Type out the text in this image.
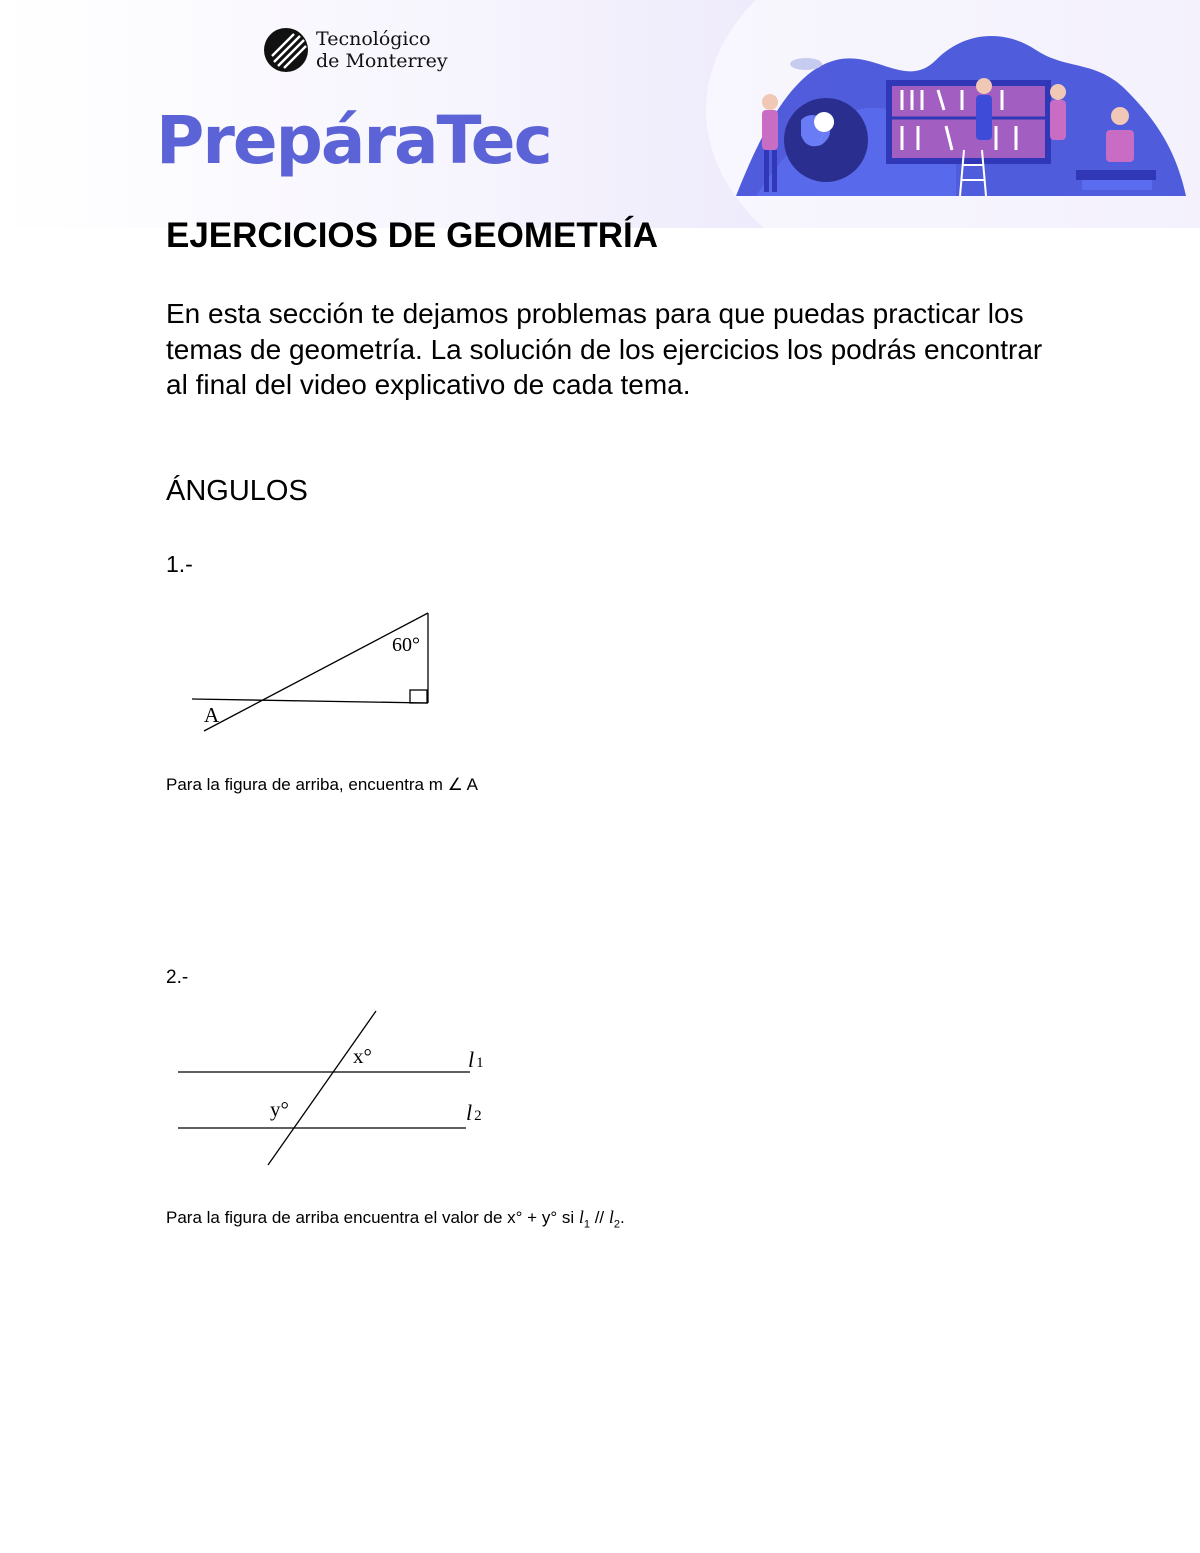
Tecnológico
de Monterrey
PrepáraTec
EJERCICIOS DE GEOMETRÍA
En esta sección te dejamos problemas para que puedas practicar los temas de geometría. La solución de los ejercicios los podrás encontrar al final del video explicativo de cada tema.
ÁNGULOS
1.-
60°
A
Para la figura de arriba, encuentra m ∠ A
2.-
x°
y°
l 1
l 2
Para la figura de arriba encuentra el valor de x° + y° si $l_1 // l_2$.
